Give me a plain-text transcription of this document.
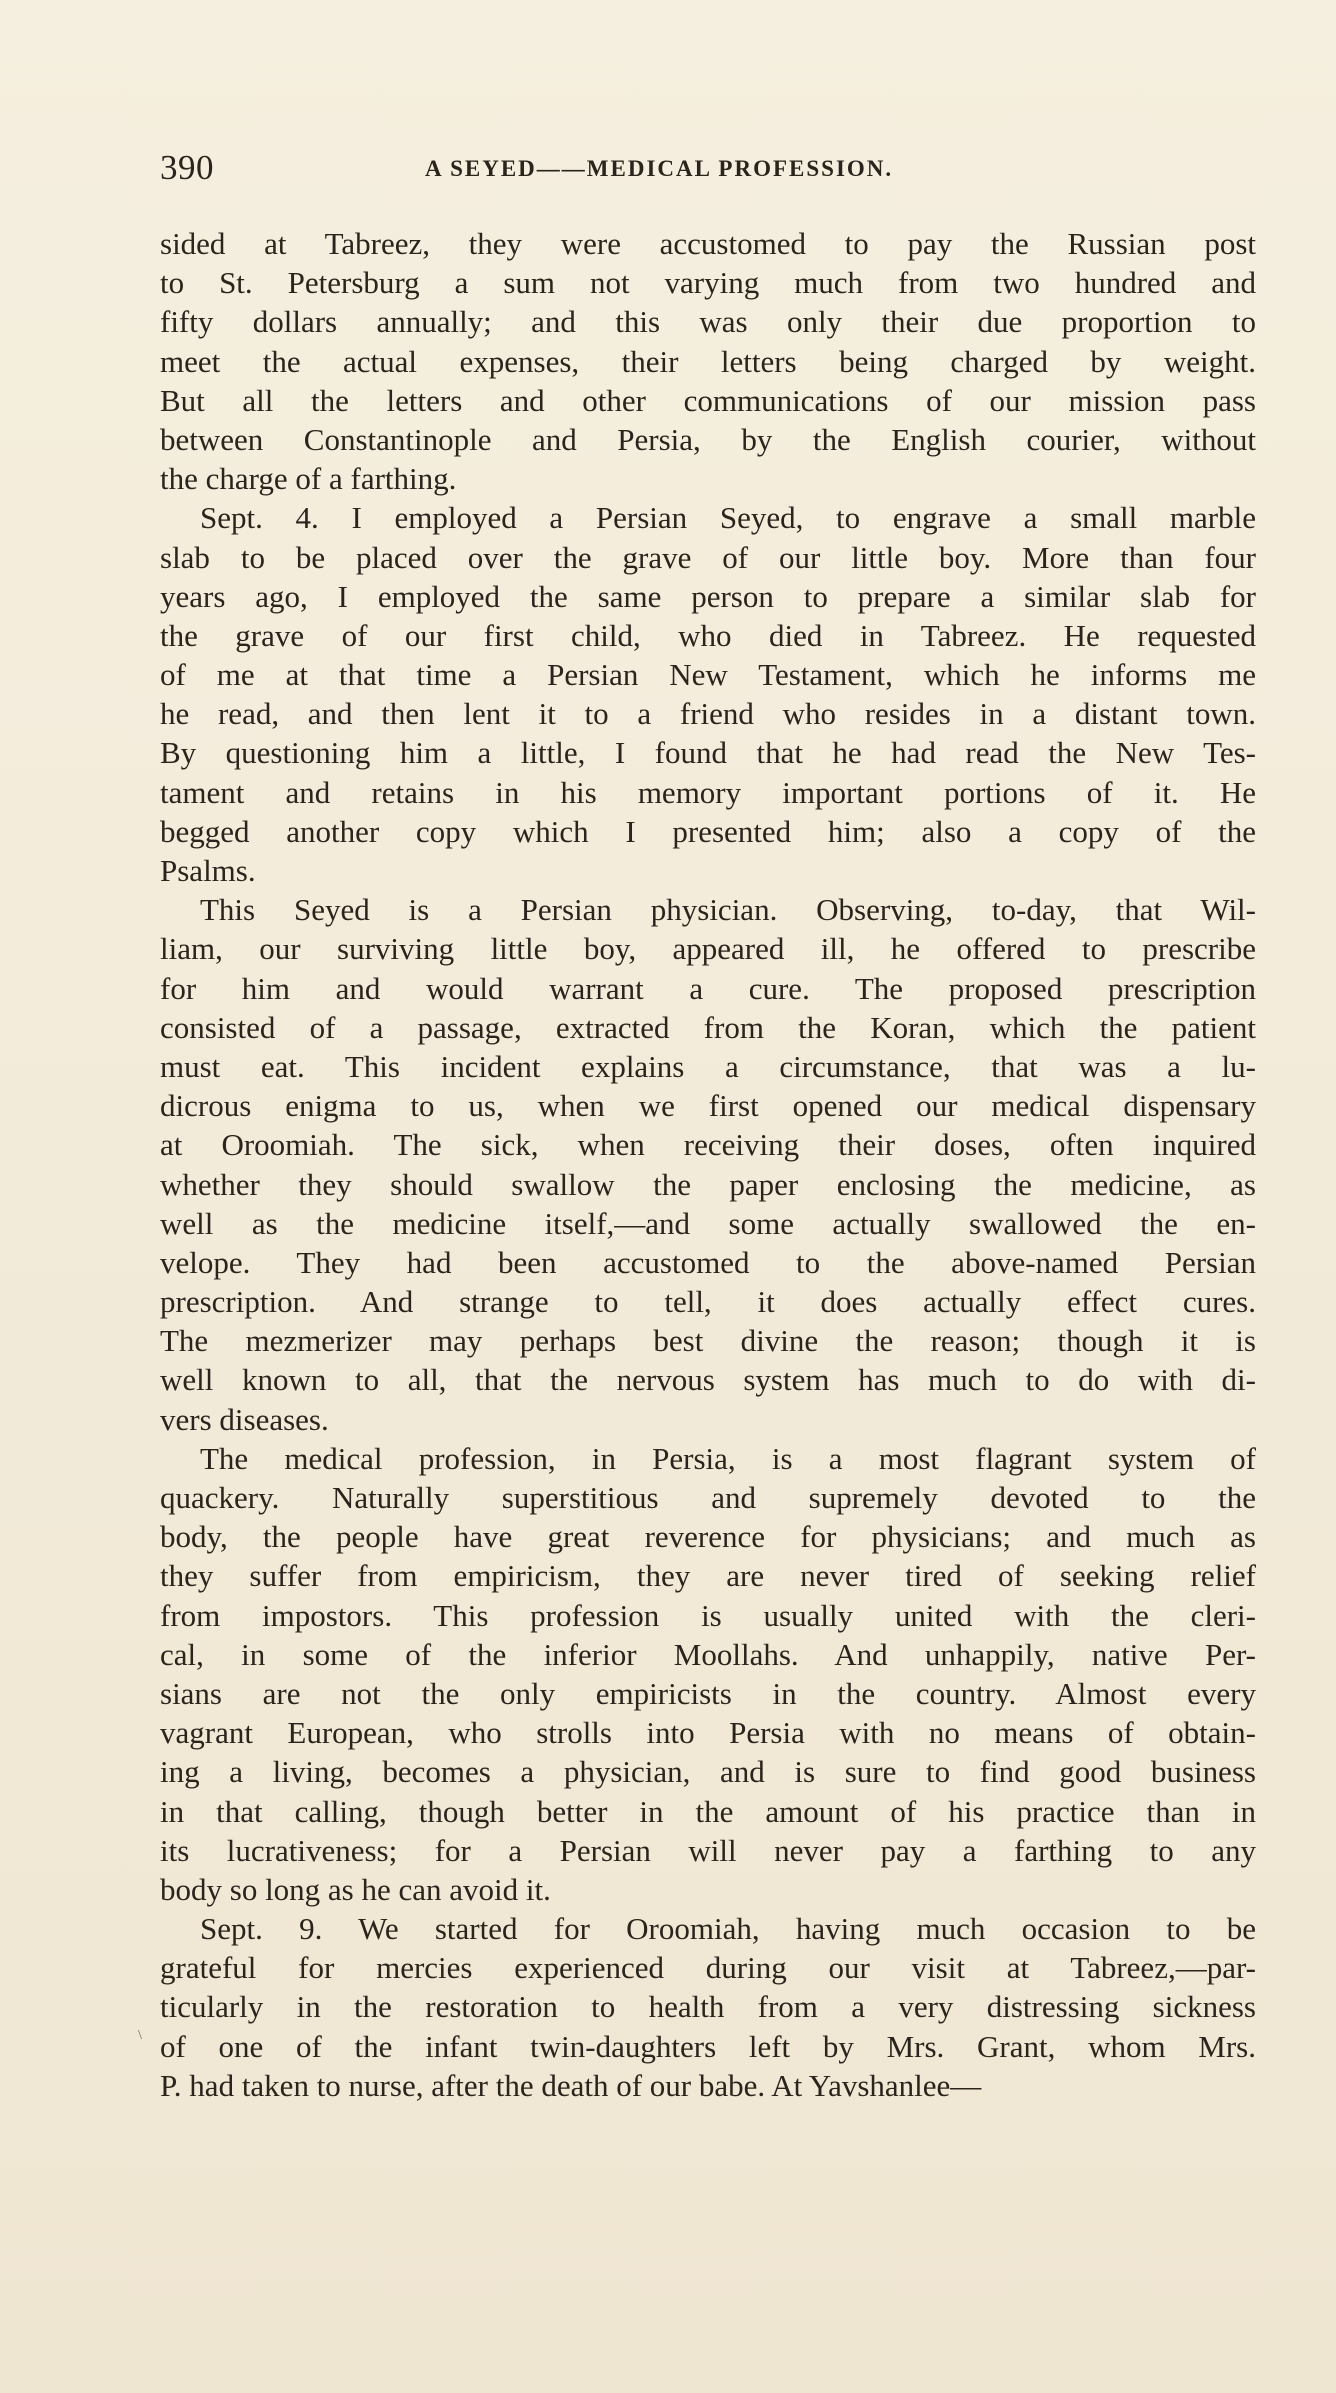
390	A SEYED——MEDICAL PROFESSION.
sided at Tabreez, they were accustomed to pay the Russian post
to St. Petersburg a sum not varying much from two hundred and
fifty dollars annually; and this was only their due proportion to
meet the actual expenses, their letters being charged by weight.
But all the letters and other communications of our mission pass
between Constantinople and Persia, by the English courier, without
the charge of a farthing.
Sept. 4. I employed a Persian Seyed, to engrave a small marble
slab to be placed over the grave of our little boy. More than four
years ago, I employed the same person to prepare a similar slab for
the grave of our first child, who died in Tabreez. He requested
of me at that time a Persian New Testament, which he informs me
he read, and then lent it to a friend who resides in a distant town.
By questioning him a little, I found that he had read the New Tes-
tament and retains in his memory important portions of it. He
begged another copy which I presented him; also a copy of the
Psalms.
This Seyed is a Persian physician. Observing, to-day, that Wil-
liam, our surviving little boy, appeared ill, he offered to prescribe
for him and would warrant a cure. The proposed prescription
consisted of a passage, extracted from the Koran, which the patient
must eat. This incident explains a circumstance, that was a lu-
dicrous enigma to us, when we first opened our medical dispensary
at Oroomiah. The sick, when receiving their doses, often inquired
whether they should swallow the paper enclosing the medicine, as
well as the medicine itself,—and some actually swallowed the en-
velope. They had been accustomed to the above-named Persian
prescription. And strange to tell, it does actually effect cures.
The mezmerizer may perhaps best divine the reason; though it is
well known to all, that the nervous system has much to do with di-
vers diseases.
The medical profession, in Persia, is a most flagrant system of
quackery. Naturally superstitious and supremely devoted to the
body, the people have great reverence for physicians; and much as
they suffer from empiricism, they are never tired of seeking relief
from impostors. This profession is usually united with the cleri-
cal, in some of the inferior Moollahs. And unhappily, native Per-
sians are not the only empiricists in the country. Almost every
vagrant European, who strolls into Persia with no means of obtain-
ing a living, becomes a physician, and is sure to find good business
in that calling, though better in the amount of his practice than in
its lucrativeness; for a Persian will never pay a farthing to any
body so long as he can avoid it.
Sept. 9. We started for Oroomiah, having much occasion to be
grateful for mercies experienced during our visit at Tabreez,—par-
ticularly in the restoration to health from a very distressing sickness
of one of the infant twin-daughters left by Mrs. Grant, whom Mrs.
P. had taken to nurse, after the death of our babe. At Yavshanlee—
\
